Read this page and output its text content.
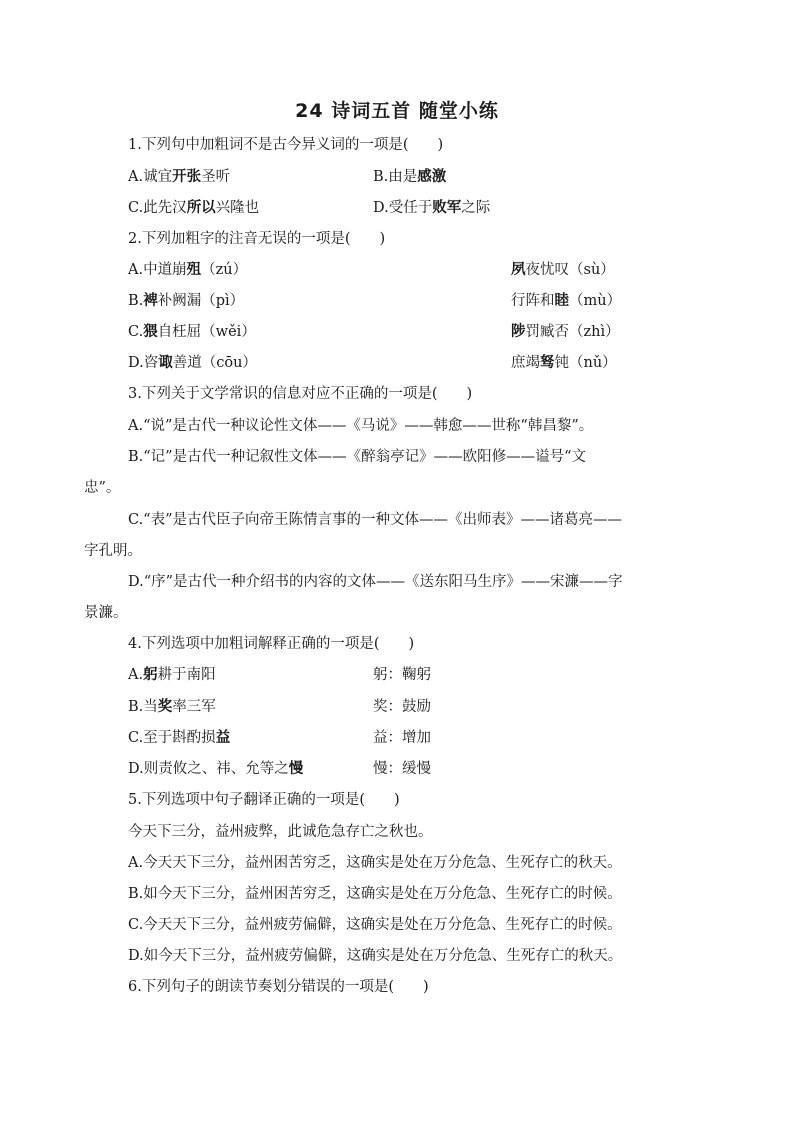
24 诗词五首 随堂小练
1.下列句中加粗词不是古今异义词的一项是(　　)
A.诚宜开张圣听	B.由是感激
C.此先汉所以兴隆也	D.受任于败军之际
2.下列加粗字的注音无误的一项是(　　)
A.中道崩殂（zú）	夙夜忧叹（sù）
B.裨补阙漏（pì）	行阵和睦（mù）
C.猥自枉屈（wěi）	陟罚臧否（zhì）
D.咨诹善道（cōu）	庶竭驽钝（nǔ）
3.下列关于文学常识的信息对应不正确的一项是(　　)
A.“说”是古代一种议论性文体——《马说》——韩愈——世称“韩昌黎”。
B.“记”是古代一种记叙性文体——《醉翁亭记》——欧阳修——谥号“文
忠”。
C.“表”是古代臣子向帝王陈情言事的一种文体——《出师表》——诸葛亮——
字孔明。
D.“序”是古代一种介绍书的内容的文体——《送东阳马生序》——宋濂——字
景濂。
4.下列选项中加粗词解释正确的一项是(　　)
A.躬耕于南阳	躬：鞠躬
B.当奖率三军	奖：鼓励
C.至于斟酌损益	益：增加
D.则责攸之、祎、允等之慢	慢：缓慢
5.下列选项中句子翻译正确的一项是(　　)
今天下三分，益州疲弊，此诚危急存亡之秋也。
A.今天天下三分，益州困苦穷乏，这确实是处在万分危急、生死存亡的秋天。
B.如今天下三分，益州困苦穷乏，这确实是处在万分危急、生死存亡的时候。
C.今天天下三分，益州疲劳偏僻，这确实是处在万分危急、生死存亡的时候。
D.如今天下三分，益州疲劳偏僻，这确实是处在万分危急、生死存亡的秋天。
6.下列句子的朗读节奏划分错误的一项是(　　)
